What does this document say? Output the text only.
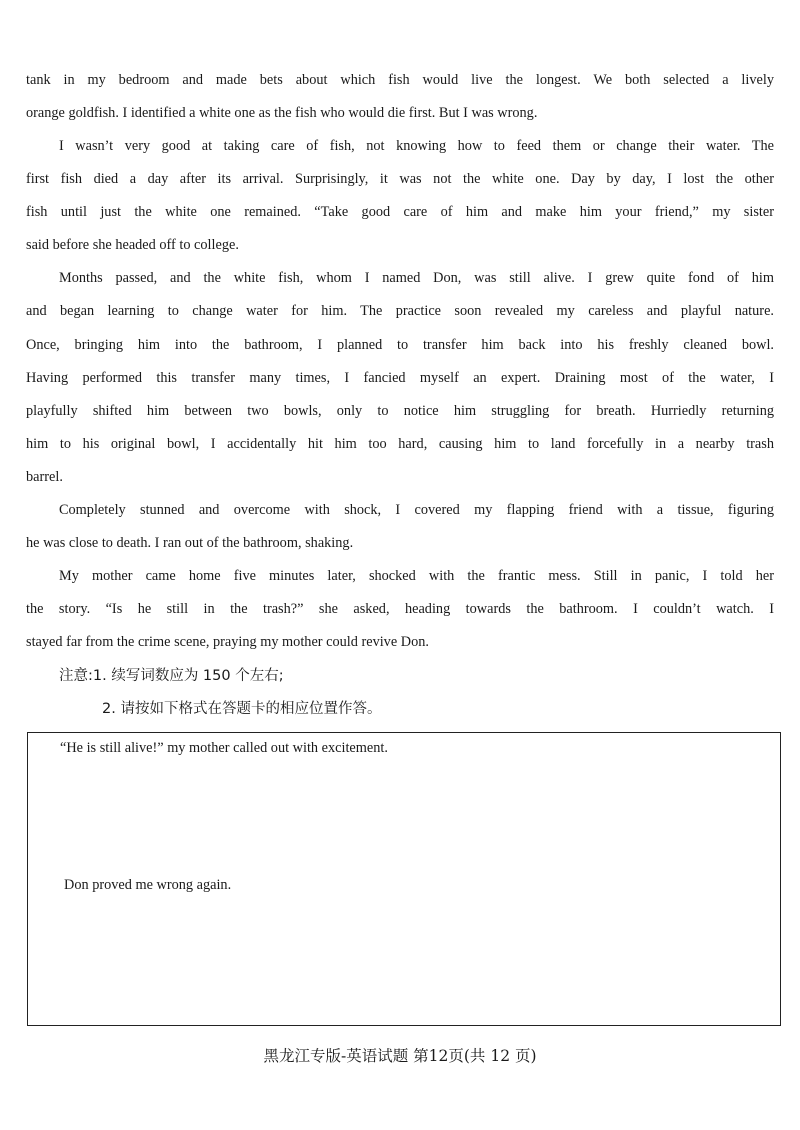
tank in my bedroom and made bets about which fish would live the longest. We both selected a lively
orange goldfish. I identified a white one as the fish who would die first. But I was wrong.
I wasn’t very good at taking care of fish, not knowing how to feed them or change their water. The
first fish died a day after its arrival. Surprisingly, it was not the white one. Day by day, I lost the other
fish until just the white one remained. “Take good care of him and make him your friend,” my sister
said before she headed off to college.
Months passed, and the white fish, whom I named Don, was still alive. I grew quite fond of him
and began learning to change water for him. The practice soon revealed my careless and playful nature.
Once, bringing him into the bathroom, I planned to transfer him back into his freshly cleaned bowl.
Having performed this transfer many times, I fancied myself an expert. Draining most of the water, I
playfully shifted him between two bowls, only to notice him struggling for breath. Hurriedly returning
him to his original bowl, I accidentally hit him too hard, causing him to land forcefully in a nearby trash
barrel.
Completely stunned and overcome with shock, I covered my flapping friend with a tissue, figuring
he was close to death. I ran out of the bathroom, shaking.
My mother came home five minutes later, shocked with the frantic mess. Still in panic, I told her
the story. “Is he still in the trash?” she asked, heading towards the bathroom. I couldn’t watch. I
stayed far from the crime scene, praying my mother could revive Don.
注意:1. 续写词数应为 150 个左右;
2. 请按如下格式在答题卡的相应位置作答。
“He is still alive!” my mother called out with excitement.
Don proved me wrong again.
黑龙江专版-英语试题 第12页(共 12 页)
